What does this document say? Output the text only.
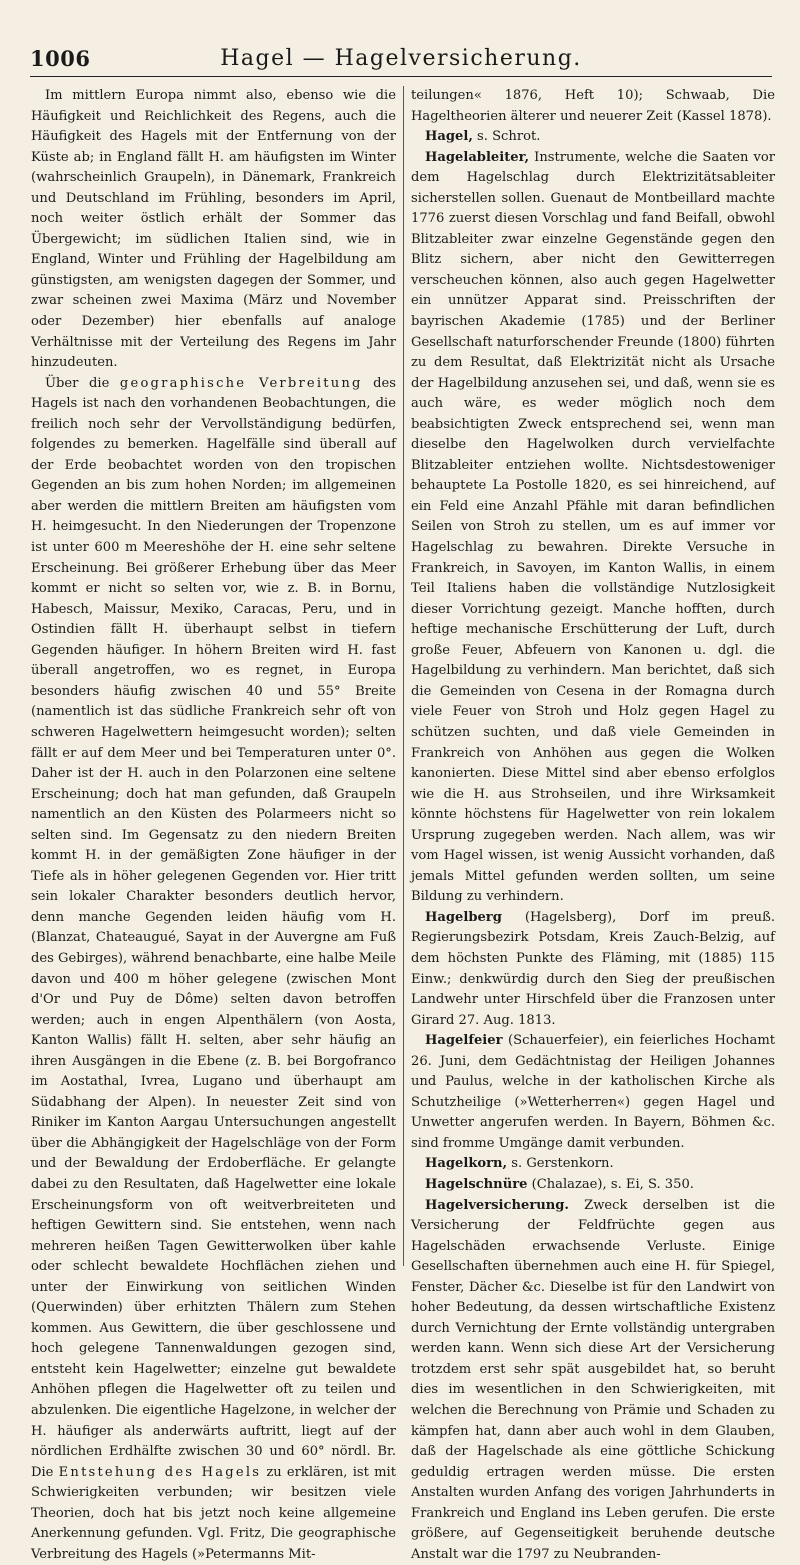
1006	Hagel — Hagelversicherung.

Im mittlern Europa nimmt also, ebenso wie die Häufigkeit und Reichlichkeit des Regens, auch die Häufigkeit des Hagels mit der Entfernung von der Küste ab; in England fällt H. am häufigsten im Winter (wahrscheinlich Graupeln), in Dänemark, Frankreich und Deutschland im Frühling, besonders im April, noch weiter östlich erhält der Sommer das Übergewicht; im südlichen Italien sind, wie in England, Winter und Frühling der Hagelbildung am günstigsten, am wenigsten dagegen der Sommer, und zwar scheinen zwei Maxima (März und November oder Dezember) hier ebenfalls auf analoge Verhältnisse mit der Verteilung des Regens im Jahr hinzudeuten.

Über die geographische Verbreitung des Hagels ist nach den vorhandenen Beobachtungen, die freilich noch sehr der Vervollständigung bedürfen, folgendes zu bemerken. Hagelfälle sind überall auf der Erde beobachtet worden von den tropischen Gegenden an bis zum hohen Norden; im allgemeinen aber werden die mittlern Breiten am häufigsten vom H. heimgesucht. In den Niederungen der Tropenzone ist unter 600 m Meereshöhe der H. eine sehr seltene Erscheinung. Bei größerer Erhebung über das Meer kommt er nicht so selten vor, wie z. B. in Bornu, Habesch, Maissur, Mexiko, Caracas, Peru, und in Ostindien fällt H. überhaupt selbst in tiefern Gegenden häufiger. In höhern Breiten wird H. fast überall angetroffen, wo es regnet, in Europa besonders häufig zwischen 40 und 55° Breite (namentlich ist das südliche Frankreich sehr oft von schweren Hagelwettern heimgesucht worden); selten fällt er auf dem Meer und bei Temperaturen unter 0°. Daher ist der H. auch in den Polarzonen eine seltene Erscheinung; doch hat man gefunden, daß Graupeln namentlich an den Küsten des Polarmeers nicht so selten sind. Im Gegensatz zu den niedern Breiten kommt H. in der gemäßigten Zone häufiger in der Tiefe als in höher gelegenen Gegenden vor. Hier tritt sein lokaler Charakter besonders deutlich hervor, denn manche Gegenden leiden häufig vom H. (Blanzat, Chateaugué, Sayat in der Auvergne am Fuß des Gebirges), während benachbarte, eine halbe Meile davon und 400 m höher gelegene (zwischen Mont d'Or und Puy de Dôme) selten davon betroffen werden; auch in engen Alpenthälern (von Aosta, Kanton Wallis) fällt H. selten, aber sehr häufig an ihren Ausgängen in die Ebene (z. B. bei Borgofranco im Aostathal, Ivrea, Lugano und überhaupt am Südabhang der Alpen). In neuester Zeit sind von Riniker im Kanton Aargau Untersuchungen angestellt über die Abhängigkeit der Hagelschläge von der Form und der Bewaldung der Erdoberfläche. Er gelangte dabei zu den Resultaten, daß Hagelwetter eine lokale Erscheinungsform von oft weitverbreiteten und heftigen Gewittern sind. Sie entstehen, wenn nach mehreren heißen Tagen Gewitterwolken über kahle oder schlecht bewaldete Hochflächen ziehen und unter der Einwirkung von seitlichen Winden (Querwinden) über erhitzten Thälern zum Stehen kommen. Aus Gewittern, die über geschlossene und hoch gelegene Tannenwaldungen gezogen sind, entsteht kein Hagelwetter; einzelne gut bewaldete Anhöhen pflegen die Hagelwetter oft zu teilen und abzulenken. Die eigentliche Hagelzone, in welcher der H. häufiger als anderwärts auftritt, liegt auf der nördlichen Erdhälfte zwischen 30 und 60° nördl. Br. Die Entstehung des Hagels zu erklären, ist mit Schwierigkeiten verbunden; wir besitzen viele Theorien, doch hat bis jetzt noch keine allgemeine Anerkennung gefunden. Vgl. Fritz, Die geographische Verbreitung des Hagels (»Petermanns Mit-

teilungen« 1876, Heft 10); Schwaab, Die Hageltheorien älterer und neuerer Zeit (Kassel 1878).

Hagel, s. Schrot.

Hagelableiter, Instrumente, welche die Saaten vor dem Hagelschlag durch Elektrizitätsableiter sicherstellen sollen. Guenaut de Montbeillard machte 1776 zuerst diesen Vorschlag und fand Beifall, obwohl Blitzableiter zwar einzelne Gegenstände gegen den Blitz sichern, aber nicht den Gewitterregen verscheuchen können, also auch gegen Hagelwetter ein unnützer Apparat sind. Preisschriften der bayrischen Akademie (1785) und der Berliner Gesellschaft naturforschender Freunde (1800) führten zu dem Resultat, daß Elektrizität nicht als Ursache der Hagelbildung anzusehen sei, und daß, wenn sie es auch wäre, es weder möglich noch dem beabsichtigten Zweck entsprechend sei, wenn man dieselbe den Hagelwolken durch vervielfachte Blitzableiter entziehen wollte. Nichtsdestoweniger behauptete La Postolle 1820, es sei hinreichend, auf ein Feld eine Anzahl Pfähle mit daran befindlichen Seilen von Stroh zu stellen, um es auf immer vor Hagelschlag zu bewahren. Direkte Versuche in Frankreich, in Savoyen, im Kanton Wallis, in einem Teil Italiens haben die vollständige Nutzlosigkeit dieser Vorrichtung gezeigt. Manche hofften, durch heftige mechanische Erschütterung der Luft, durch große Feuer, Abfeuern von Kanonen u. dgl. die Hagelbildung zu verhindern. Man berichtet, daß sich die Gemeinden von Cesena in der Romagna durch viele Feuer von Stroh und Holz gegen Hagel zu schützen suchten, und daß viele Gemeinden in Frankreich von Anhöhen aus gegen die Wolken kanonierten. Diese Mittel sind aber ebenso erfolglos wie die H. aus Strohseilen, und ihre Wirksamkeit könnte höchstens für Hagelwetter von rein lokalem Ursprung zugegeben werden. Nach allem, was wir vom Hagel wissen, ist wenig Aussicht vorhanden, daß jemals Mittel gefunden werden sollten, um seine Bildung zu verhindern.

Hagelberg (Hagelsberg), Dorf im preuß. Regierungsbezirk Potsdam, Kreis Zauch-Belzig, auf dem höchsten Punkte des Fläming, mit (1885) 115 Einw.; denkwürdig durch den Sieg der preußischen Landwehr unter Hirschfeld über die Franzosen unter Girard 27. Aug. 1813.

Hagelfeier (Schauerfeier), ein feierliches Hochamt 26. Juni, dem Gedächtnistag der Heiligen Johannes und Paulus, welche in der katholischen Kirche als Schutzheilige (»Wetterherren«) gegen Hagel und Unwetter angerufen werden. In Bayern, Böhmen &c. sind fromme Umgänge damit verbunden.

Hagelkorn, s. Gerstenkorn.

Hagelschnüre (Chalazae), s. Ei, S. 350.

Hagelversicherung. Zweck derselben ist die Versicherung der Feldfrüchte gegen aus Hagelschäden erwachsende Verluste. Einige Gesellschaften übernehmen auch eine H. für Spiegel, Fenster, Dächer &c. Dieselbe ist für den Landwirt von hoher Bedeutung, da dessen wirtschaftliche Existenz durch Vernichtung der Ernte vollständig untergraben werden kann. Wenn sich diese Art der Versicherung trotzdem erst sehr spät ausgebildet hat, so beruht dies im wesentlichen in den Schwierigkeiten, mit welchen die Berechnung von Prämie und Schaden zu kämpfen hat, dann aber auch wohl in dem Glauben, daß der Hagelschade als eine göttliche Schickung geduldig ertragen werden müsse. Die ersten Anstalten wurden Anfang des vorigen Jahrhunderts in Frankreich und England ins Leben gerufen. Die erste größere, auf Gegenseitigkeit beruhende deutsche Anstalt war die 1797 zu Neubranden-
